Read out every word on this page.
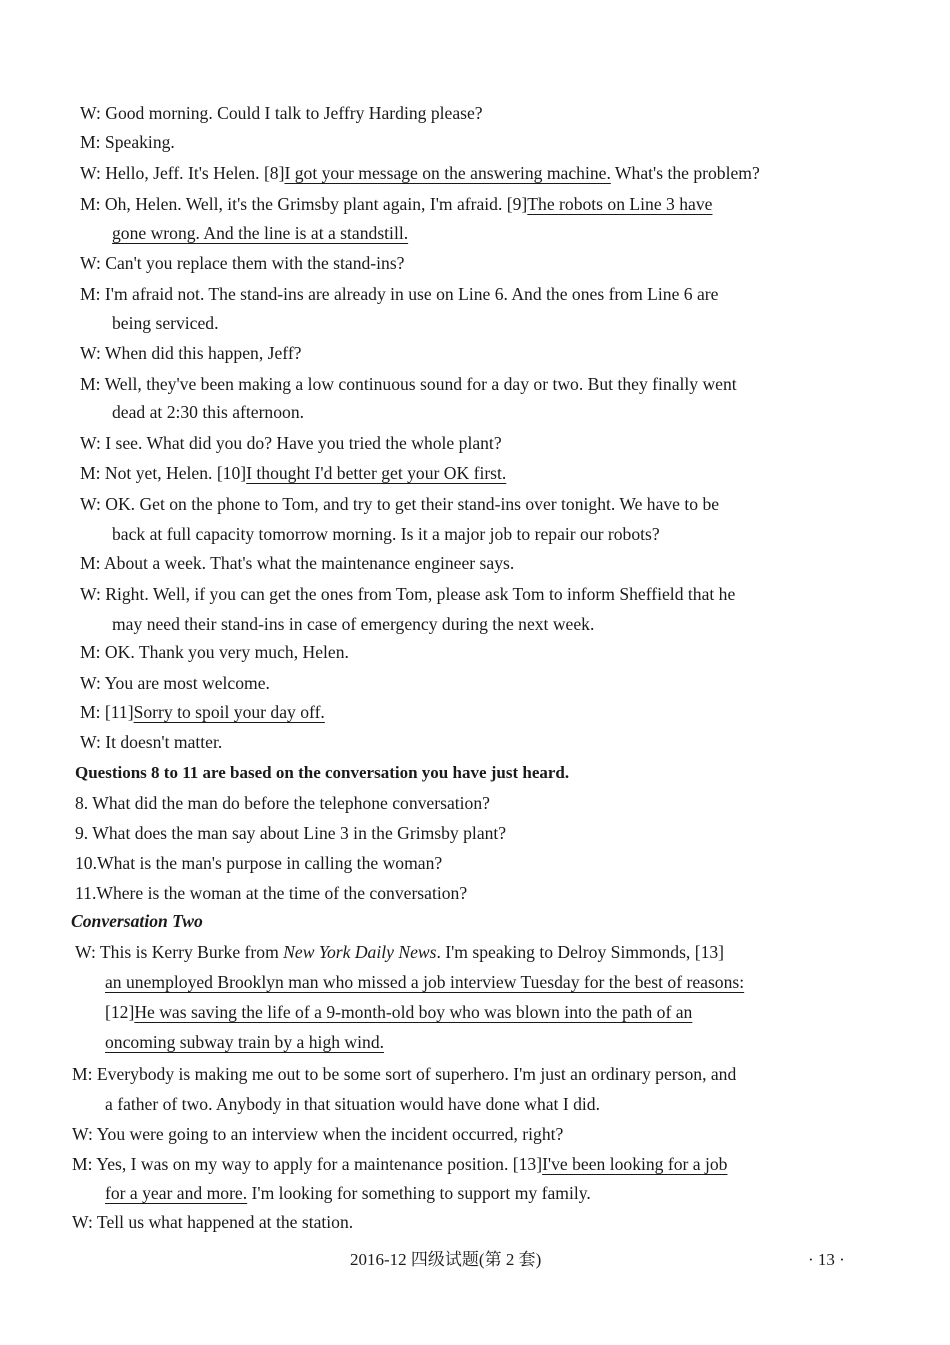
W: Good morning. Could I talk to Jeffry Harding please?
M: Speaking.
W: Hello, Jeff. It's Helen. [8]I got your message on the answering machine. What's the problem?
M: Oh, Helen. Well, it's the Grimsby plant again, I'm afraid. [9]The robots on Line 3 have
gone wrong. And the line is at a standstill.
W: Can't you replace them with the stand-ins?
M: I'm afraid not. The stand-ins are already in use on Line 6. And the ones from Line 6 are
being serviced.
W: When did this happen, Jeff?
M: Well, they've been making a low continuous sound for a day or two. But they finally went
dead at 2:30 this afternoon.
W: I see. What did you do? Have you tried the whole plant?
M: Not yet, Helen. [10]I thought I'd better get your OK first.
W: OK. Get on the phone to Tom, and try to get their stand-ins over tonight. We have to be
back at full capacity tomorrow morning. Is it a major job to repair our robots?
M: About a week. That's what the maintenance engineer says.
W: Right. Well, if you can get the ones from Tom, please ask Tom to inform Sheffield that he
may need their stand-ins in case of emergency during the next week.
M: OK. Thank you very much, Helen.
W: You are most welcome.
M: [11]Sorry to spoil your day off.
W: It doesn't matter.
Questions 8 to 11 are based on the conversation you have just heard.
8. What did the man do before the telephone conversation?
9. What does the man say about Line 3 in the Grimsby plant?
10.What is the man's purpose in calling the woman?
11.Where is the woman at the time of the conversation?
Conversation Two
W: This is Kerry Burke from New York Daily News. I'm speaking to Delroy Simmonds, [13]
an unemployed Brooklyn man who missed a job interview Tuesday for the best of reasons:
[12]He was saving the life of a 9-month-old boy who was blown into the path of an
oncoming subway train by a high wind.
M: Everybody is making me out to be some sort of superhero. I'm just an ordinary person, and
a father of two. Anybody in that situation would have done what I did.
W: You were going to an interview when the incident occurred, right?
M: Yes, I was on my way to apply for a maintenance position. [13]I've been looking for a job
for a year and more. I'm looking for something to support my family.
W: Tell us what happened at the station.
2016-12 四级试题(第 2 套)	· 13 ·
